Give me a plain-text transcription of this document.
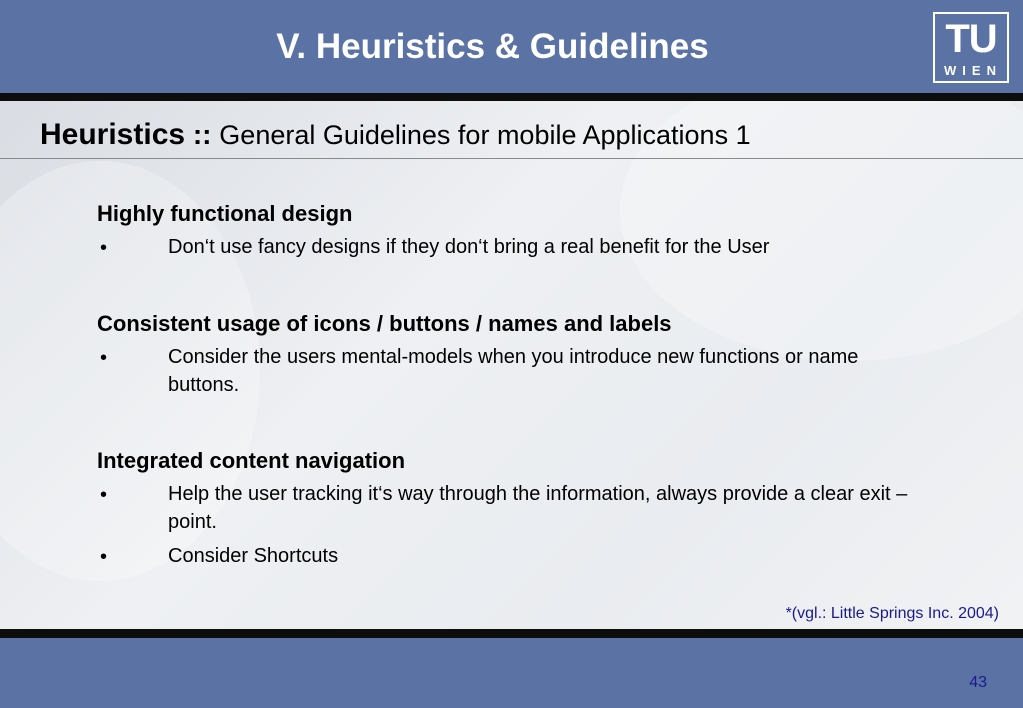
V. Heuristics & Guidelines	TU
WIEN
Heuristics :: General Guidelines for mobile Applications 1
Highly functional design
•	Don‘t use fancy designs if they don‘t bring a real benefit for the User
Consistent usage of icons / buttons / names and labels
•	Consider the users mental-models when you introduce new functions or name buttons.
Integrated content navigation
•	Help the user tracking it‘s way through the information, always provide a clear exit – point.
•	Consider Shortcuts
*(vgl.: Little Springs Inc. 2004)
43
